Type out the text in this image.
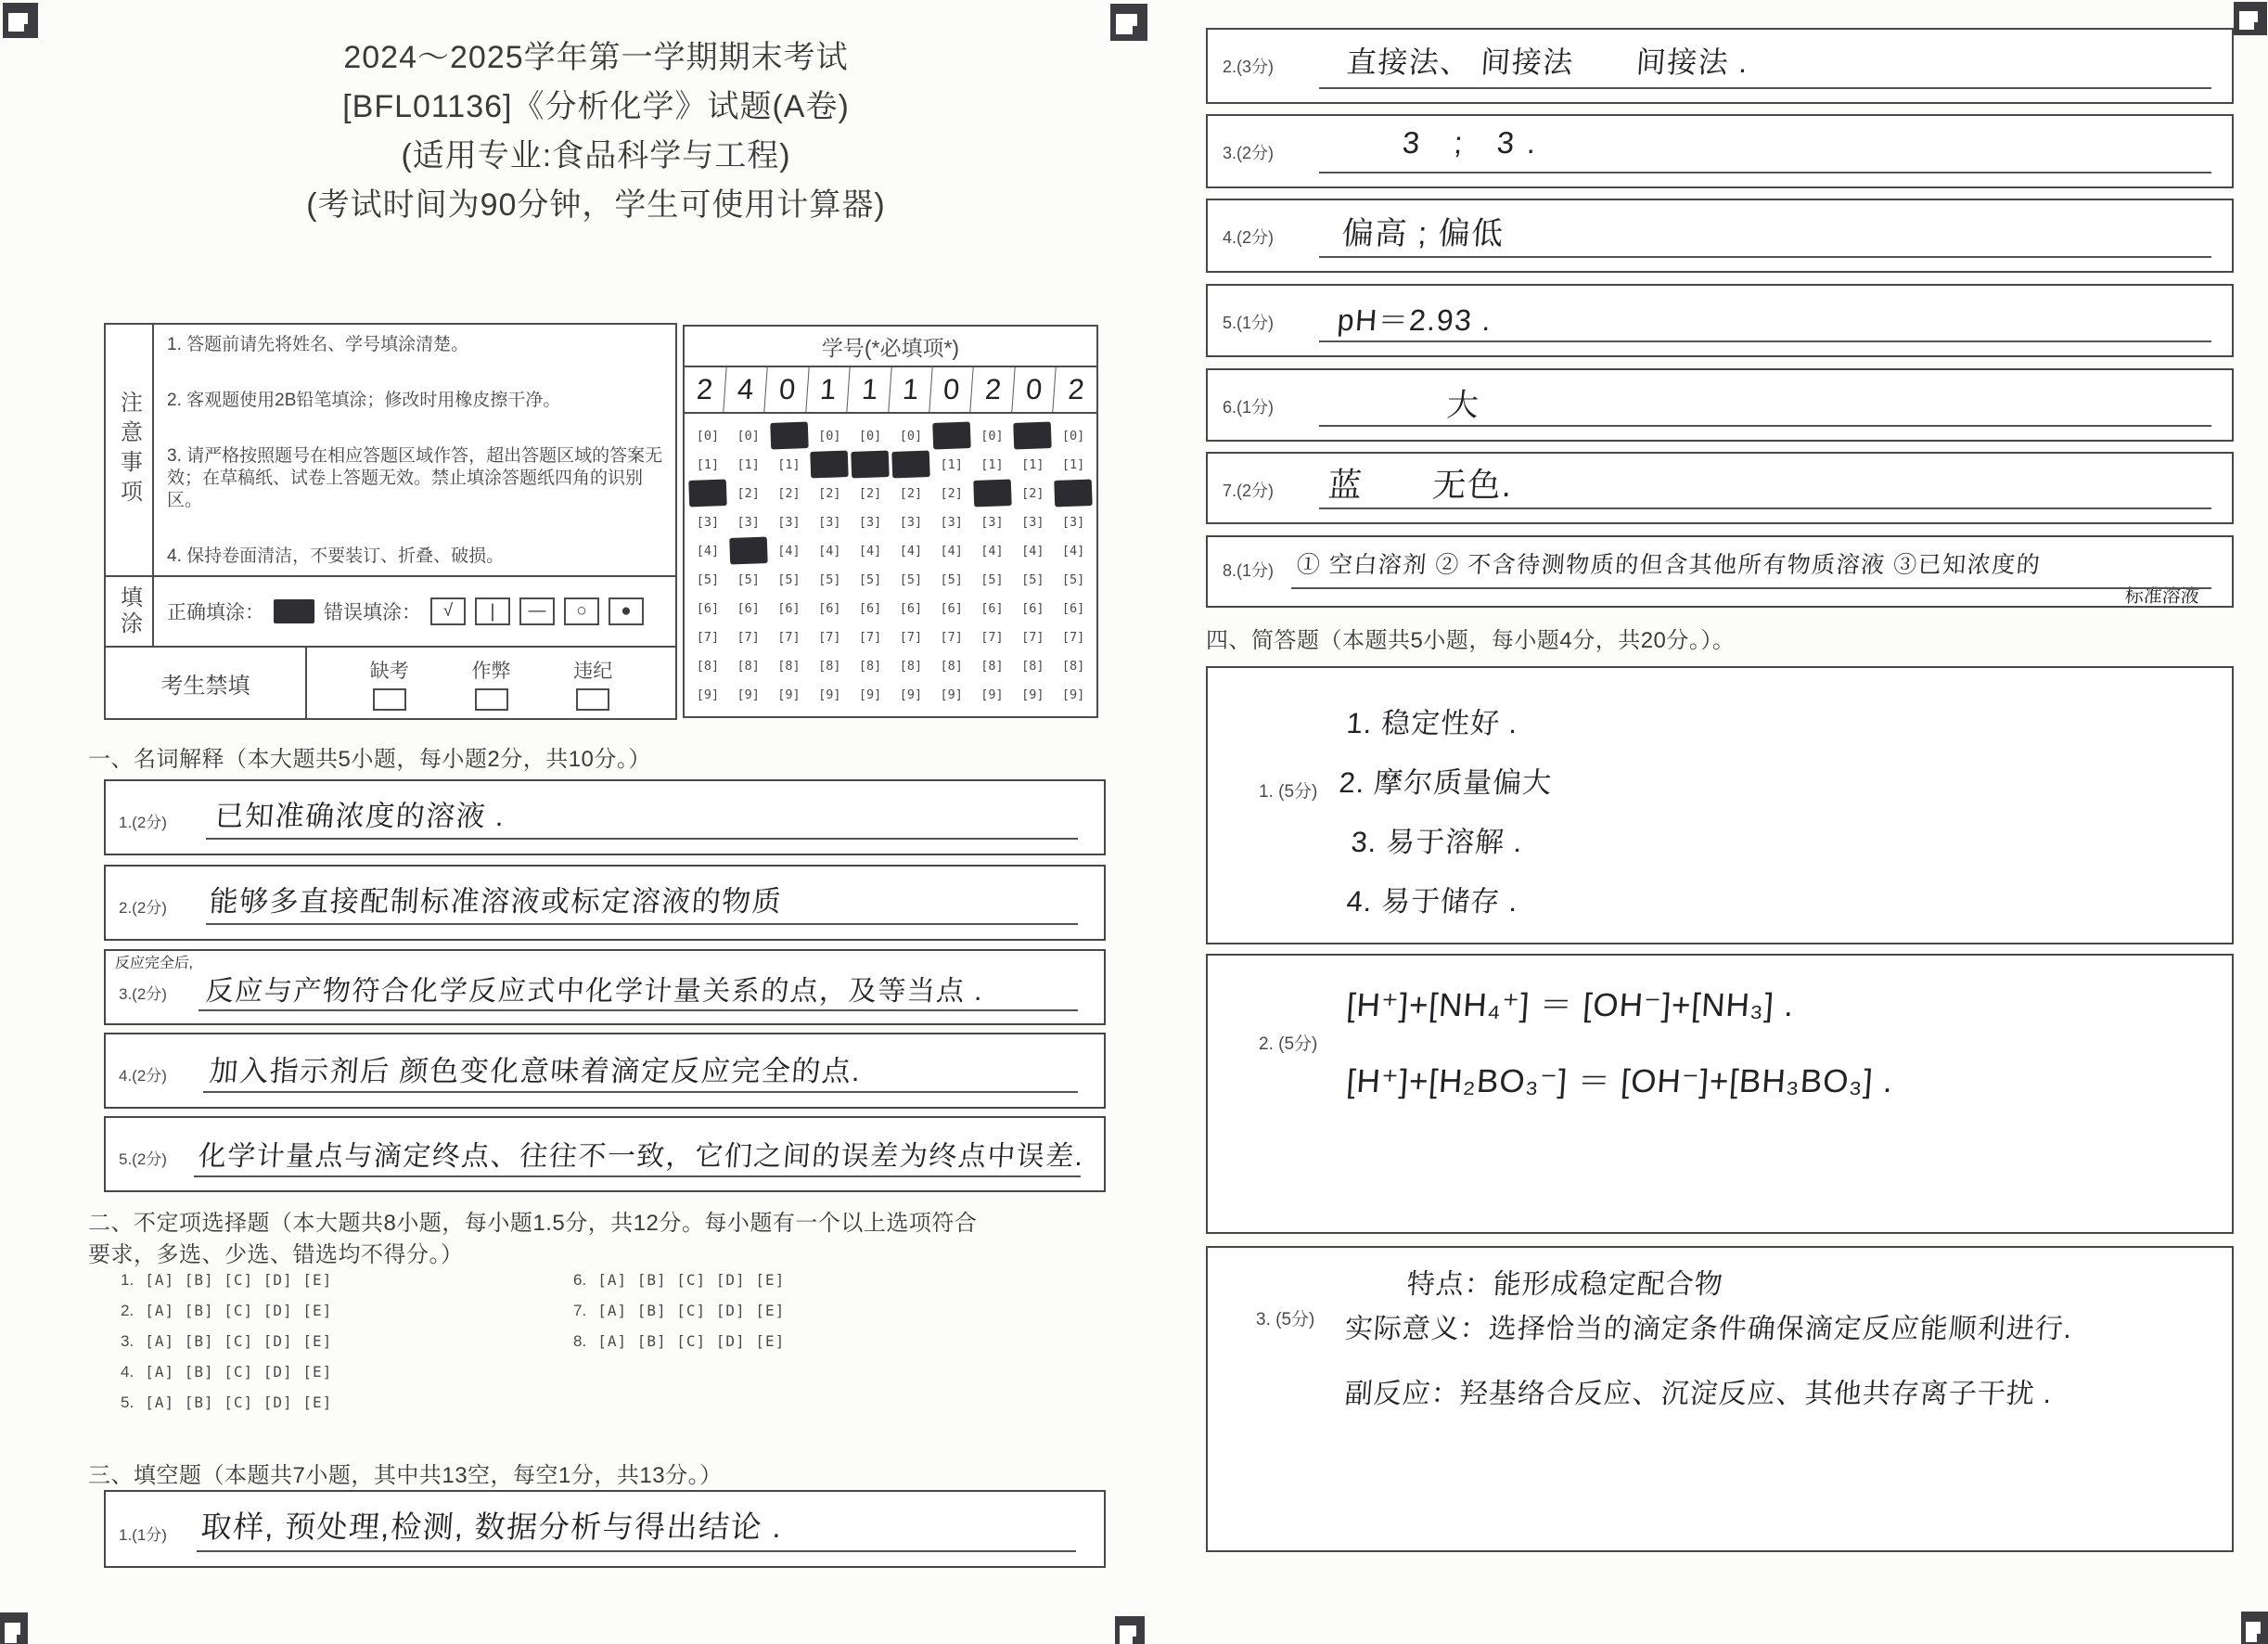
2024～2025学年第一学期期末考试
[BFL01136]《分析化学》试题(A卷)
(适用专业:食品科学与工程)
(考试时间为90分钟，学生可使用计算器)
注意事项

1. 答题前请先将姓名、学号填涂清楚。

2. 客观题使用2B铅笔填涂；修改时用橡皮擦干净。

3. 请严格按照题号在相应答题区域作答，超出答题区域的答案无效；在草稿纸、试卷上答题无效。禁止填涂答题纸四角的识别区。

4. 保持卷面清洁，不要装订、折叠、破损。

填涂	正确填涂：	错误填涂：	√	❘	—	○	●
考生禁填
缺考	作弊	违纪
学号(*必填项*)
2 4 0 1 1 1 0 2 0 2
[0]	[0]	[0]	[0]	[0]	[0]	[0]	[0]	[0]	[0]
[1]	[1]	[1]	[1]	[1]	[1]	[1]	[1]	[1]	[1]
[2]	[2]	[2]	[2]	[2]	[2]	[2]	[2]	[2]	[2]
[3]	[3]	[3]	[3]	[3]	[3]	[3]	[3]	[3]	[3]
[4]	[4]	[4]	[4]	[4]	[4]	[4]	[4]	[4]	[4]
[5]	[5]	[5]	[5]	[5]	[5]	[5]	[5]	[5]	[5]
[6]	[6]	[6]	[6]	[6]	[6]	[6]	[6]	[6]	[6]
[7]	[7]	[7]	[7]	[7]	[7]	[7]	[7]	[7]	[7]
[8]	[8]	[8]	[8]	[8]	[8]	[8]	[8]	[8]	[8]
[9]	[9]	[9]	[9]	[9]	[9]	[9]	[9]	[9]	[9]
一、名词解释（本大题共5小题，每小题2分，共10分。）
1.(2分) 已知准确浓度的溶液 .
2.(2分) 能够多直接配制标准溶液或标定溶液的物质
反应完全后,
3.(2分) 反应与产物符合化学反应式中化学计量关系的点，及等当点 .
4.(2分) 加入指示剂后 颜色变化意味着滴定反应完全的点.
5.(2分) 化学计量点与滴定终点、往往不一致，它们之间的误差为终点中误差.
二、不定项选择题（本大题共8小题，每小题1.5分，共12分。每小题有一个以上选项符合
要求，多选、少选、错选均不得分。）
1. [A] [B] [C] [D] [E]
2. [A] [B] [C] [D] [E]
3. [A] [B] [C] [D] [E]
4. [A] [B] [C] [D] [E]
5. [A] [B] [C] [D] [E]
6. [A] [B] [C] [D] [E]
7. [A] [B] [C] [D] [E]
8. [A] [B] [C] [D] [E]
三、填空题（本题共7小题，其中共13空，每空1分，共13分。）
1.(1分) 取样, 预处理,检测, 数据分析与得出结论 .
2.(3分) 直接法、 间接法　　间接法 .
3.(2分)	3 ; 3.
4.(2分) 偏高 ; 偏低
5.(1分) pH＝2.93 .
6.(1分)	大
7.(2分) 蓝　　无色.
8.(1分) ① 空白溶剂 ② 不含待测物质的但含其他所有物质溶液 ③已知浓度的
标准溶液
四、简答题（本题共5小题，每小题4分，共20分。）。
1. (5分)
1. 稳定性好 .
2. 摩尔质量偏大
3. 易于溶解 .
4. 易于储存 .
2. (5分)
[H⁺]+[NH₄⁺] ＝ [OH⁻]+[NH₃] .
[H⁺]+[H₂BO₃⁻] ＝ [OH⁻]+[BH₃BO₃] .
3. (5分)
特点：能形成稳定配合物
实际意义：选择恰当的滴定条件确保滴定反应能顺利进行.
副反应：羟基络合反应、沉淀反应、其他共存离子干扰 .
